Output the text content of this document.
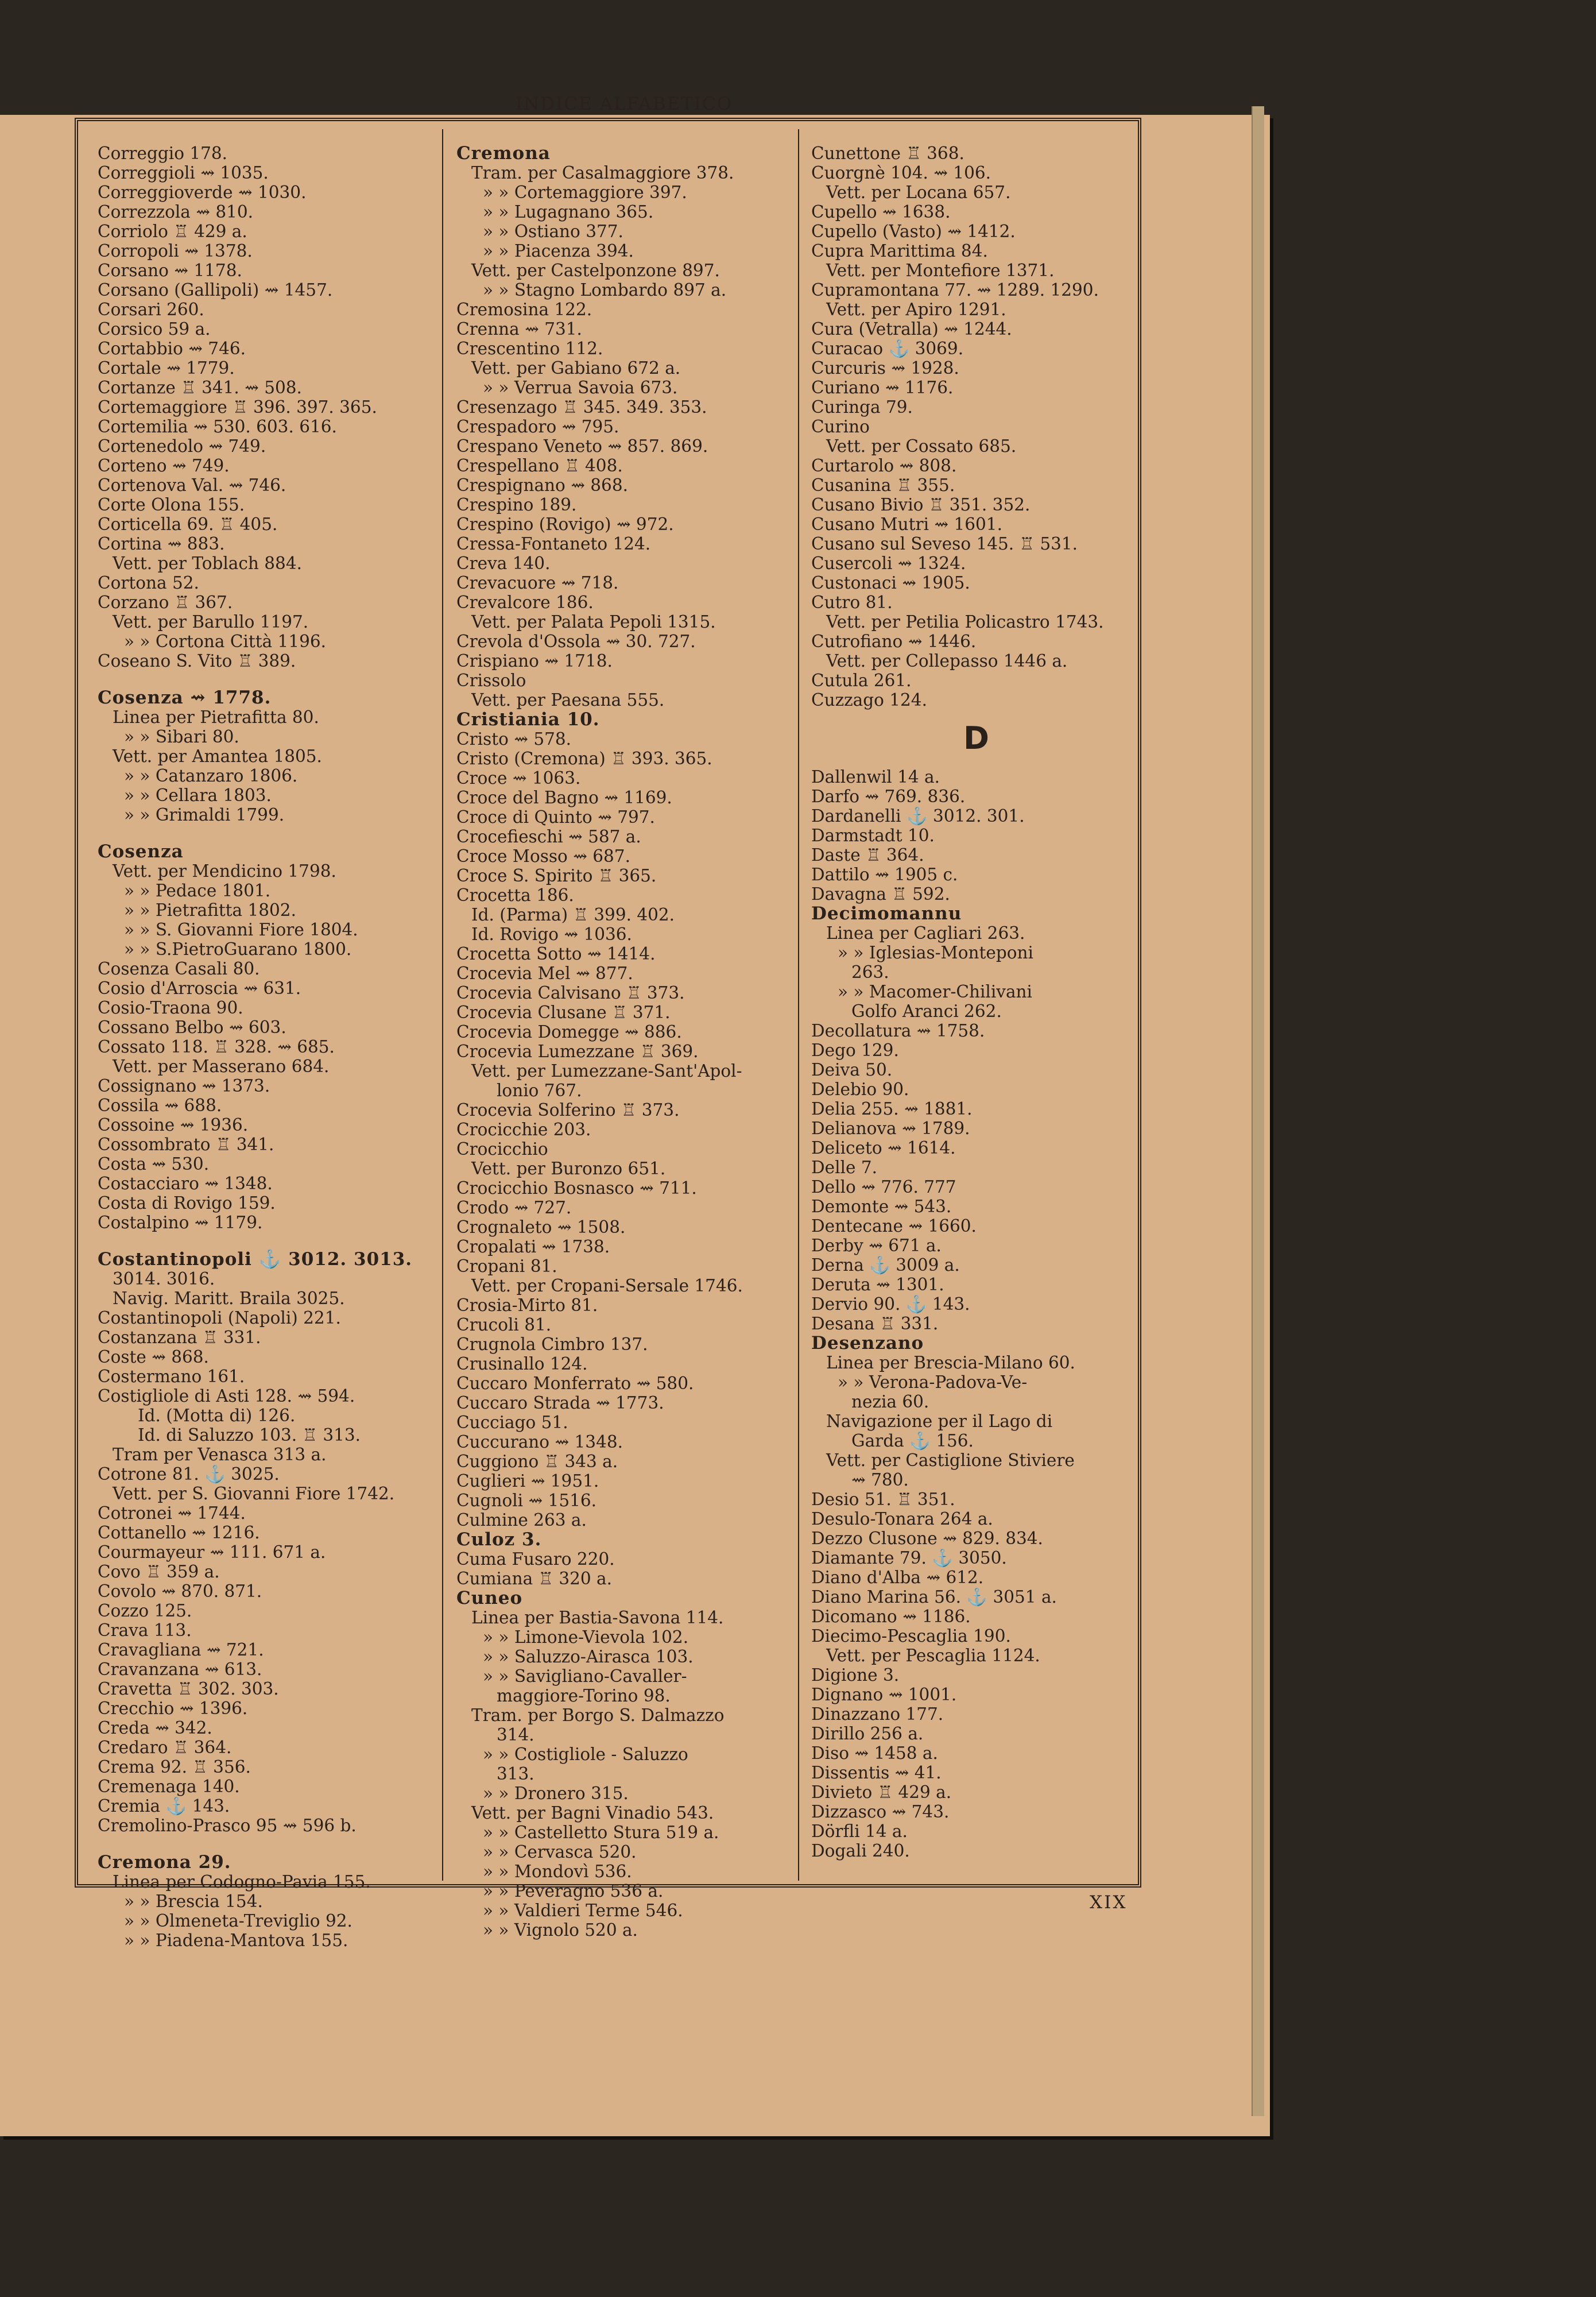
INDICE ALFABETICO
Correggio 178.
Correggioli ⇝ 1035.
Correggioverde ⇝ 1030.
Correzzola ⇝ 810.
Corriolo ♖ 429 a.
Corropoli ⇝ 1378.
Corsano ⇝ 1178.
Corsano (Gallipoli) ⇝ 1457.
Corsari 260.
Corsico 59 a.
Cortabbio ⇝ 746.
Cortale ⇝ 1779.
Cortanze ♖ 341. ⇝ 508.
Cortemaggiore ♖ 396. 397. 365.
Cortemilia ⇝ 530. 603. 616.
Cortenedolo ⇝ 749.
Corteno ⇝ 749.
Cortenova Val. ⇝ 746.
Corte Olona 155.
Corticella 69. ♖ 405.
Cortina ⇝ 883.
Vett. per Toblach 884.
Cortona 52.
Corzano ♖ 367.
Vett. per Barullo 1197.
» » Cortona Città 1196.
Coseano S. Vito ♖ 389.
Cosenza ⇝ 1778.
Linea per Pietrafitta 80.
» » Sibari 80.
Vett. per Amantea 1805.
» » Catanzaro 1806.
» » Cellara 1803.
» » Grimaldi 1799.
Cosenza
Vett. per Mendicino 1798.
» » Pedace 1801.
» » Pietrafitta 1802.
» » S. Giovanni Fiore 1804.
» » S.PietroGuarano 1800.
Cosenza Casali 80.
Cosio d'Arroscia ⇝ 631.
Cosio-Traona 90.
Cossano Belbo ⇝ 603.
Cossato 118. ♖ 328. ⇝ 685.
Vett. per Masserano 684.
Cossignano ⇝ 1373.
Cossila ⇝ 688.
Cossoine ⇝ 1936.
Cossombrato ♖ 341.
Costa ⇝ 530.
Costacciaro ⇝ 1348.
Costa di Rovigo 159.
Costalpino ⇝ 1179.
Costantinopoli ⚓ 3012. 3013.
3014. 3016.
Navig. Maritt. Braila 3025.
Costantinopoli (Napoli) 221.
Costanzana ♖ 331.
Coste ⇝ 868.
Costermano 161.
Costigliole di Asti 128. ⇝ 594.
Id. (Motta di) 126.
Id. di Saluzzo 103. ♖ 313.
Tram per Venasca 313 a.
Cotrone 81. ⚓ 3025.
Vett. per S. Giovanni Fiore 1742.
Cotronei ⇝ 1744.
Cottanello ⇝ 1216.
Courmayeur ⇝ 111. 671 a.
Covo ♖ 359 a.
Covolo ⇝ 870. 871.
Cozzo 125.
Crava 113.
Cravagliana ⇝ 721.
Cravanzana ⇝ 613.
Cravetta ♖ 302. 303.
Crecchio ⇝ 1396.
Creda ⇝ 342.
Credaro ♖ 364.
Crema 92. ♖ 356.
Cremenaga 140.
Cremia ⚓ 143.
Cremolino-Prasco 95 ⇝ 596 b.
Cremona 29.
Linea per Codogno-Pavia 155.
» » Brescia 154.
» » Olmeneta-Treviglio 92.
» » Piadena-Mantova 155.
Cremona
Tram. per Casalmaggiore 378.
» » Cortemaggiore 397.
» » Lugagnano 365.
» » Ostiano 377.
» » Piacenza 394.
Vett. per Castelponzone 897.
» » Stagno Lombardo 897 a.
Cremosina 122.
Crenna ⇝ 731.
Crescentino 112.
Vett. per Gabiano 672 a.
» » Verrua Savoia 673.
Cresenzago ♖ 345. 349. 353.
Crespadoro ⇝ 795.
Crespano Veneto ⇝ 857. 869.
Crespellano ♖ 408.
Crespignano ⇝ 868.
Crespino 189.
Crespino (Rovigo) ⇝ 972.
Cressa-Fontaneto 124.
Creva 140.
Crevacuore ⇝ 718.
Crevalcore 186.
Vett. per Palata Pepoli 1315.
Crevola d'Ossola ⇝ 30. 727.
Crispiano ⇝ 1718.
Crissolo
Vett. per Paesana 555.
Cristiania 10.
Cristo ⇝ 578.
Cristo (Cremona) ♖ 393. 365.
Croce ⇝ 1063.
Croce del Bagno ⇝ 1169.
Croce di Quinto ⇝ 797.
Crocefieschi ⇝ 587 a.
Croce Mosso ⇝ 687.
Croce S. Spirito ♖ 365.
Crocetta 186.
Id. (Parma) ♖ 399. 402.
Id. Rovigo ⇝ 1036.
Crocetta Sotto ⇝ 1414.
Crocevia Mel ⇝ 877.
Crocevia Calvisano ♖ 373.
Crocevia Clusane ♖ 371.
Crocevia Domegge ⇝ 886.
Crocevia Lumezzane ♖ 369.
Vett. per Lumezzane-Sant'Apol-
lonio 767.
Crocevia Solferino ♖ 373.
Crocicchie 203.
Crocicchio
Vett. per Buronzo 651.
Crocicchio Bosnasco ⇝ 711.
Crodo ⇝ 727.
Crognaleto ⇝ 1508.
Cropalati ⇝ 1738.
Cropani 81.
Vett. per Cropani-Sersale 1746.
Crosia-Mirto 81.
Crucoli 81.
Crugnola Cimbro 137.
Crusinallo 124.
Cuccaro Monferrato ⇝ 580.
Cuccaro Strada ⇝ 1773.
Cucciago 51.
Cuccurano ⇝ 1348.
Cuggiono ♖ 343 a.
Cuglieri ⇝ 1951.
Cugnoli ⇝ 1516.
Culmine 263 a.
Culoz 3.
Cuma Fusaro 220.
Cumiana ♖ 320 a.
Cuneo
Linea per Bastia-Savona 114.
» » Limone-Vievola 102.
» » Saluzzo-Airasca 103.
» » Savigliano-Cavaller-
maggiore-Torino 98.
Tram. per Borgo S. Dalmazzo
314.
» » Costigliole - Saluzzo
313.
» » Dronero 315.
Vett. per Bagni Vinadio 543.
» » Castelletto Stura 519 a.
» » Cervasca 520.
» » Mondovì 536.
» » Peveragno 536 a.
» » Valdieri Terme 546.
» » Vignolo 520 a.
Cunettone ♖ 368.
Cuorgnè 104. ⇝ 106.
Vett. per Locana 657.
Cupello ⇝ 1638.
Cupello (Vasto) ⇝ 1412.
Cupra Marittima 84.
Vett. per Montefiore 1371.
Cupramontana 77. ⇝ 1289. 1290.
Vett. per Apiro 1291.
Cura (Vetralla) ⇝ 1244.
Curacao ⚓ 3069.
Curcuris ⇝ 1928.
Curiano ⇝ 1176.
Curinga 79.
Curino
Vett. per Cossato 685.
Curtarolo ⇝ 808.
Cusanina ♖ 355.
Cusano Bivio ♖ 351. 352.
Cusano Mutri ⇝ 1601.
Cusano sul Seveso 145. ♖ 531.
Cusercoli ⇝ 1324.
Custonaci ⇝ 1905.
Cutro 81.
Vett. per Petilia Policastro 1743.
Cutrofiano ⇝ 1446.
Vett. per Collepasso 1446 a.
Cutula 261.
Cuzzago 124.
D
Dallenwil 14 a.
Darfo ⇝ 769. 836.
Dardanelli ⚓ 3012. 301.
Darmstadt 10.
Daste ♖ 364.
Dattilo ⇝ 1905 c.
Davagna ♖ 592.
Decimomannu
Linea per Cagliari 263.
» » Iglesias-Monteponi
263.
» » Macomer-Chilivani
Golfo Aranci 262.
Decollatura ⇝ 1758.
Dego 129.
Deiva 50.
Delebio 90.
Delia 255. ⇝ 1881.
Delianova ⇝ 1789.
Deliceto ⇝ 1614.
Delle 7.
Dello ⇝ 776. 777
Demonte ⇝ 543.
Dentecane ⇝ 1660.
Derby ⇝ 671 a.
Derna ⚓ 3009 a.
Deruta ⇝ 1301.
Dervio 90. ⚓ 143.
Desana ♖ 331.
Desenzano
Linea per Brescia-Milano 60.
» » Verona-Padova-Ve-
nezia 60.
Navigazione per il Lago di
Garda ⚓ 156.
Vett. per Castiglione Stiviere
⇝ 780.
Desio 51. ♖ 351.
Desulo-Tonara 264 a.
Dezzo Clusone ⇝ 829. 834.
Diamante 79. ⚓ 3050.
Diano d'Alba ⇝ 612.
Diano Marina 56. ⚓ 3051 a.
Dicomano ⇝ 1186.
Diecimo-Pescaglia 190.
Vett. per Pescaglia 1124.
Digione 3.
Dignano ⇝ 1001.
Dinazzano 177.
Dirillo 256 a.
Diso ⇝ 1458 a.
Dissentis ⇝ 41.
Divieto ♖ 429 a.
Dizzasco ⇝ 743.
Dörfli 14 a.
Dogali 240.
XIX
